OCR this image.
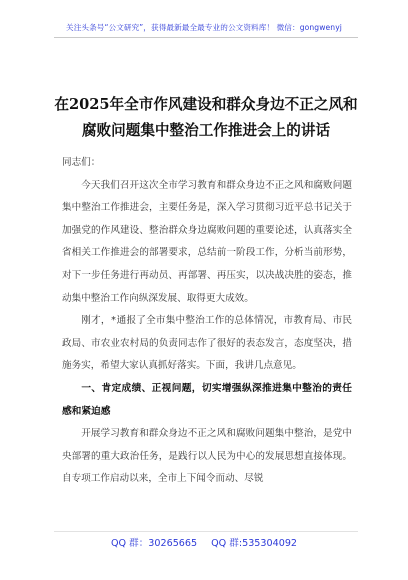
关注头条号“公文研究”，获得最新最全最专业的公文资料库！ 微信：gongwenyj
在2025年全市作风建设和群众身边不正之风和腐败问题集中整治工作推进会上的讲话

同志们：

今天我们召开这次全市学习教育和群众身边不正之风和腐败问题集中整治工作推进会，主要任务是，深入学习贯彻习近平总书记关于加强党的作风建设、整治群众身边腐败问题的重要论述，认真落实全省相关工作推进会的部署要求，总结前一阶段工作，分析当前形势，对下一步任务进行再动员、再部署、再压实，以决战决胜的姿态，推动集中整治工作向纵深发展、取得更大成效。

刚才，*通报了全市集中整治工作的总体情况，市教育局、市民政局、市农业农村局的负责同志作了很好的表态发言，态度坚决，措施务实，希望大家认真抓好落实。下面，我讲几点意见。

一、肯定成绩、正视问题，切实增强纵深推进集中整治的责任感和紧迫感

开展学习教育和群众身边不正之风和腐败问题集中整治，是党中央部署的重大政治任务，是践行以人民为中心的发展思想直接体现。自专项工作启动以来，全市上下闻令而动、尽锐

QQ 群：30265665 QQ 群:535304092
